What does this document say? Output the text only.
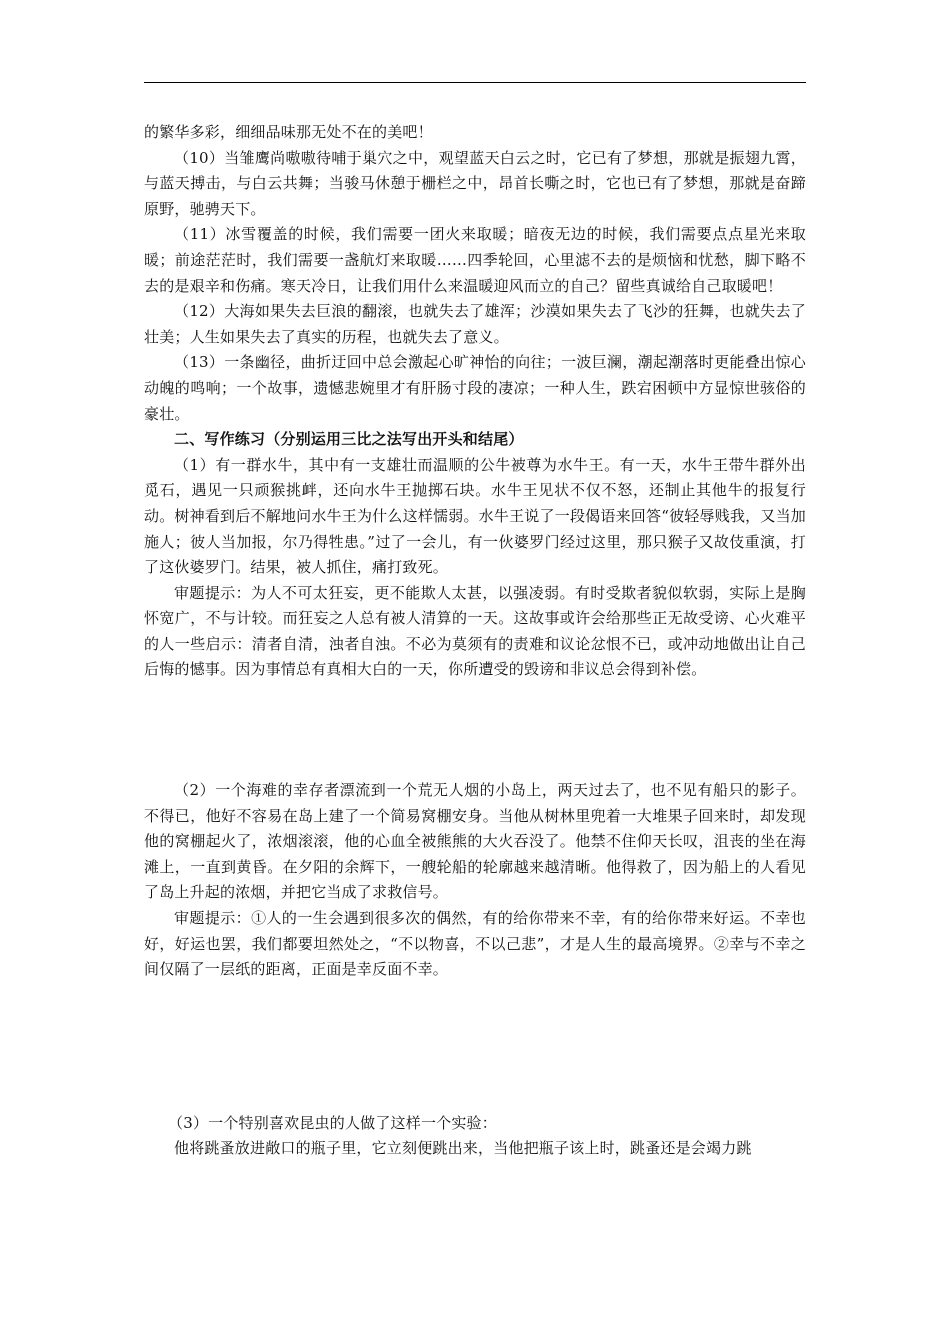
的繁华多彩，细细品味那无处不在的美吧！

（10）当雏鹰尚嗷嗷待哺于巢穴之中，观望蓝天白云之时，它已有了梦想，那就是振翅九霄，与蓝天搏击，与白云共舞；当骏马休憩于栅栏之中，昂首长嘶之时，它也已有了梦想，那就是奋蹄原野，驰骋天下。

（11）冰雪覆盖的时候，我们需要一团火来取暖；暗夜无边的时候，我们需要点点星光来取暖；前途茫茫时，我们需要一盏航灯来取暖……四季轮回，心里滤不去的是烦恼和忧愁，脚下略不去的是艰辛和伤痛。寒天冷日，让我们用什么来温暖迎风而立的自己？留些真诚给自己取暖吧！

（12）大海如果失去巨浪的翻滚，也就失去了雄浑；沙漠如果失去了飞沙的狂舞，也就失去了壮美；人生如果失去了真实的历程，也就失去了意义。

（13）一条幽径，曲折迂回中总会激起心旷神怡的向往；一波巨澜，潮起潮落时更能叠出惊心动魄的鸣响；一个故事，遗憾悲婉里才有肝肠寸段的凄凉；一种人生，跌宕困顿中方显惊世骇俗的豪壮。

二、写作练习（分别运用三比之法写出开头和结尾）

（1）有一群水牛，其中有一支雄壮而温顺的公牛被尊为水牛王。有一天，水牛王带牛群外出觅石，遇见一只顽猴挑衅，还向水牛王抛掷石块。水牛王见状不仅不怒，还制止其他牛的报复行动。树神看到后不解地问水牛王为什么这样懦弱。水牛王说了一段偈语来回答“彼轻辱贱我，又当加施人；彼人当加报，尔乃得牲患。”过了一会儿，有一伙婆罗门经过这里，那只猴子又故伎重演，打了这伙婆罗门。结果，被人抓住，痛打致死。

审题提示：为人不可太狂妄，更不能欺人太甚，以强凌弱。有时受欺者貌似软弱，实际上是胸怀宽广，不与计较。而狂妄之人总有被人清算的一天。这故事或许会给那些正无故受谤、心火难平的人一些启示：清者自清，浊者自浊。不必为莫须有的责难和议论忿恨不已，或冲动地做出让自己后悔的憾事。因为事情总有真相大白的一天，你所遭受的毁谤和非议总会得到补偿。

（2）一个海难的幸存者漂流到一个荒无人烟的小岛上，两天过去了，也不见有船只的影子。不得已，他好不容易在岛上建了一个简易窝棚安身。当他从树林里兜着一大堆果子回来时，却发现他的窝棚起火了，浓烟滚滚，他的心血全被熊熊的大火吞没了。他禁不住仰天长叹，沮丧的坐在海滩上，一直到黄昏。在夕阳的余辉下，一艘轮船的轮廓越来越清晰。他得救了，因为船上的人看见了岛上升起的浓烟，并把它当成了求救信号。

审题提示：①人的一生会遇到很多次的偶然，有的给你带来不幸，有的给你带来好运。不幸也好，好运也罢，我们都要坦然处之，“不以物喜，不以己悲”，才是人生的最高境界。②幸与不幸之间仅隔了一层纸的距离，正面是幸反面不幸。

（3）一个特别喜欢昆虫的人做了这样一个实验：

他将跳蚤放进敞口的瓶子里，它立刻便跳出来，当他把瓶子该上时，跳蚤还是会竭力跳
